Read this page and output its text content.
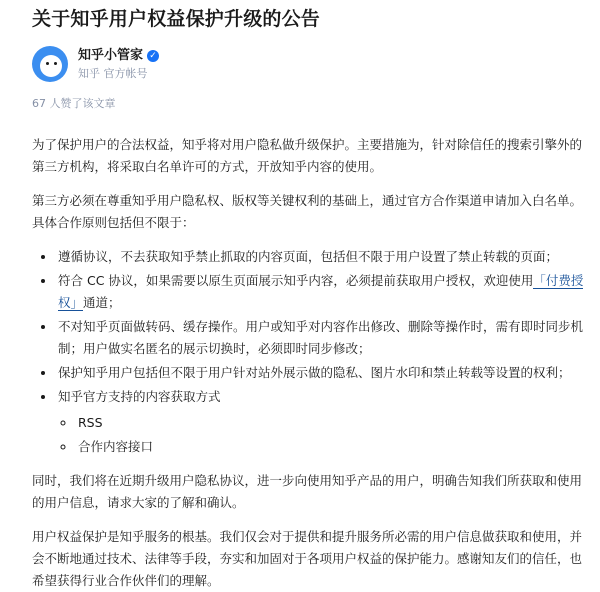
关于知乎用户权益保护升级的公告
知乎小管家 ✓
知乎 官方帐号
67 人赞了该文章

为了保护用户的合法权益，知乎将对用户隐私做升级保护。主要措施为，针对除信任的搜索引擎外的第三方机构，将采取白名单许可的方式，开放知乎内容的使用。

第三方必须在尊重知乎用户隐私权、版权等关键权利的基础上，通过官方合作渠道申请加入白名单。具体合作原则包括但不限于：

• 遵循协议，不去获取知乎禁止抓取的内容页面，包括但不限于用户设置了禁止转载的页面；
• 符合 CC 协议，如果需要以原生页面展示知乎内容，必须提前获取用户授权，欢迎使用「付费授权」通道；
• 不对知乎页面做转码、缓存操作。用户或知乎对内容作出修改、删除等操作时，需有即时同步机制；用户做实名匿名的展示切换时，必须即时同步修改；
• 保护知乎用户包括但不限于用户针对站外展示做的隐私、图片水印和禁止转载等设置的权利；
• 知乎官方支持的内容获取方式
◦ RSS
◦ 合作内容接口

同时，我们将在近期升级用户隐私协议，进一步向使用知乎产品的用户，明确告知我们所获取和使用的用户信息，请求大家的了解和确认。

用户权益保护是知乎服务的根基。我们仅会对于提供和提升服务所必需的用户信息做获取和使用，并会不断地通过技术、法律等手段，夯实和加固对于各项用户权益的保护能力。感谢知友们的信任，也希望获得行业合作伙伴们的理解。
